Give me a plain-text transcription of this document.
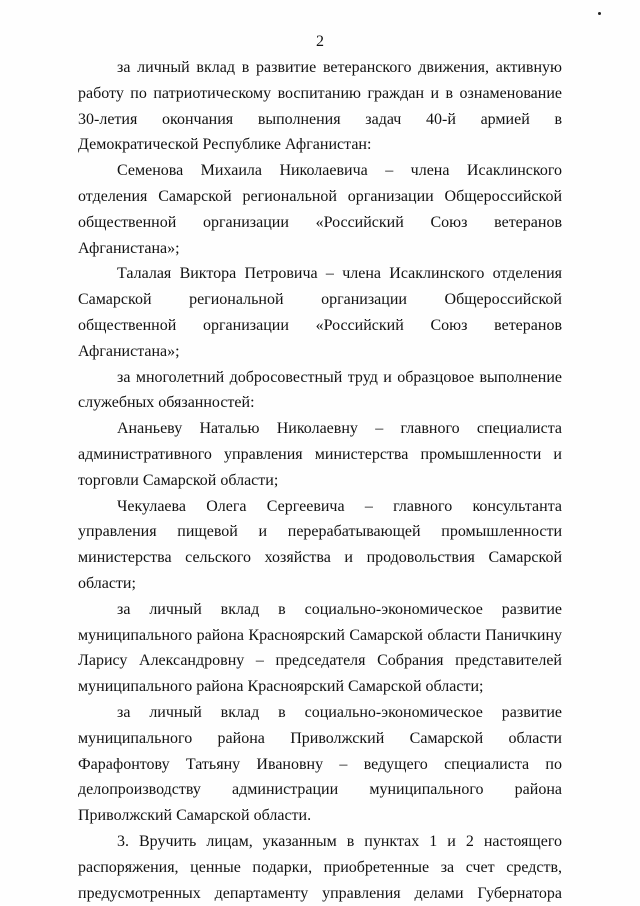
2

за личный вклад в развитие ветеранского движения, активную работу по патриотическому воспитанию граждан и в ознаменование 30-летия окончания выполнения задач 40-й армией в Демократической Республике Афганистан:

Семенова Михаила Николаевича – члена Исаклинского отделения Самарской региональной организации Общероссийской общественной организации «Российский Союз ветеранов Афганистана»;

Талалая Виктора Петровича – члена Исаклинского отделения Самарской региональной организации Общероссийской общественной организации «Российский Союз ветеранов Афганистана»;

за многолетний добросовестный труд и образцовое выполнение служебных обязанностей:

Ананьеву Наталью Николаевну – главного специалиста административного управления министерства промышленности и торговли Самарской области;

Чекулаева Олега Сергеевича – главного консультанта управления пищевой и перерабатывающей промышленности министерства сельского хозяйства и продовольствия Самарской области;

за личный вклад в социально-экономическое развитие муниципального района Красноярский Самарской области Паничкину Ларису Александровну – председателя Собрания представителей муниципального района Красноярский Самарской области;

за личный вклад в социально-экономическое развитие муниципального района Приволжский Самарской области Фарафонтову Татьяну Ивановну – ведущего специалиста по делопроизводству администрации муниципального района Приволжский Самарской области.

3. Вручить лицам, указанным в пунктах 1 и 2 настоящего распоряжения, ценные подарки, приобретенные за счет средств, предусмотренных департаменту управления делами Губернатора
